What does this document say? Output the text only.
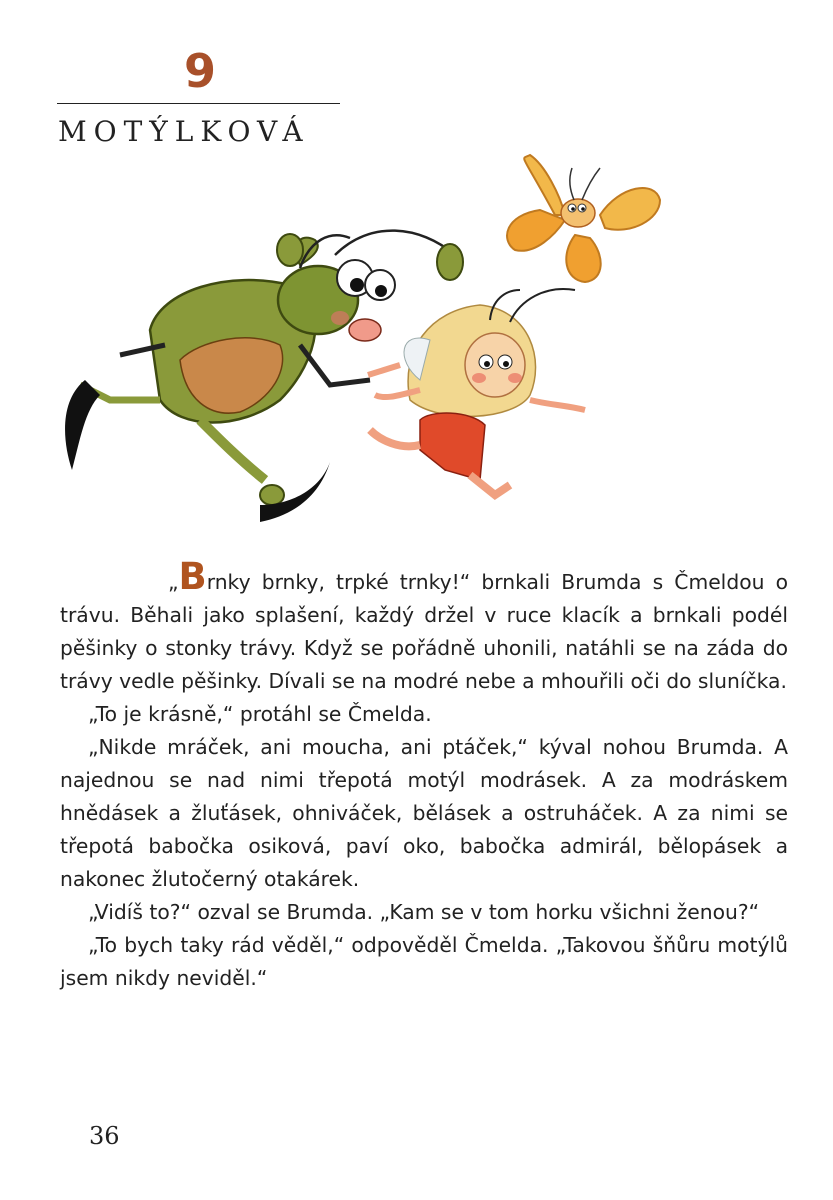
9
MOTÝLKOVÁ

„Brnky brnky, trpké trnky!“ brnkali Brumda s Čmeldou o trávu. Běhali jako splašení, každý držel v ruce klacík a brnkali podél pěšinky o stonky trávy. Když se pořádně uhonili, natáhli se na záda do trávy vedle pěšinky. Dívali se na modré nebe a mhouřili oči do sluníčka.

„To je krásně,“ protáhl se Čmelda.

„Nikde mráček, ani moucha, ani ptáček,“ kýval nohou Brumda. A najednou se nad nimi třepotá motýl modrásek. A za modráskem hnědásek a žluťásek, ohniváček, bělásek a ostruháček. A za nimi se třepotá babočka osiková, paví oko, babočka admirál, bělopásek a nakonec žlutočerný otakárek.

„Vidíš to?“ ozval se Brumda. „Kam se v tom horku všichni ženou?“

„To bych taky rád věděl,“ odpověděl Čmelda. „Takovou šňůru motýlů jsem nikdy neviděl.“

36
